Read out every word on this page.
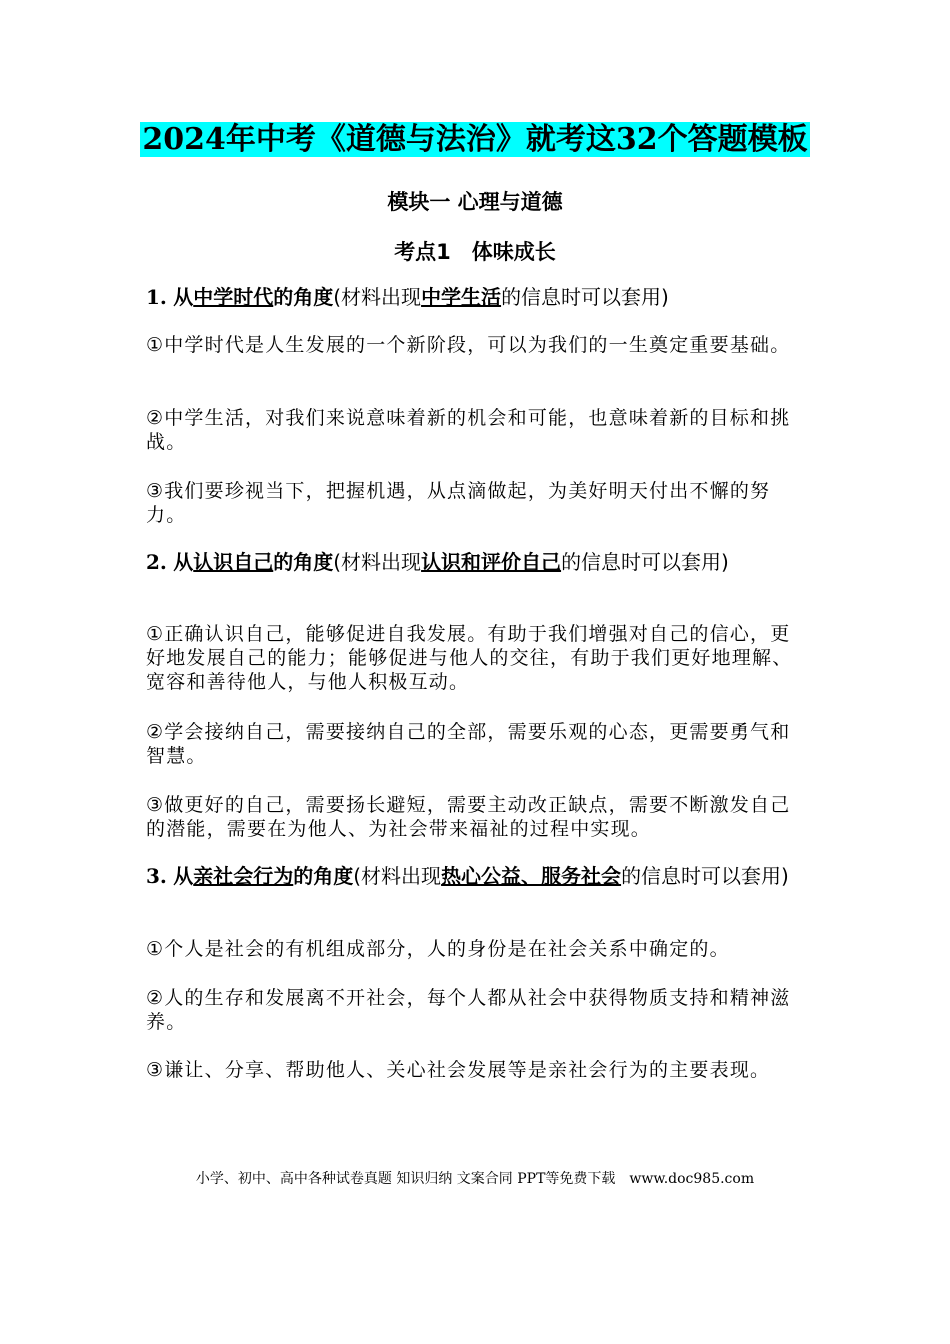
2024年中考《道德与法治》就考这32个答题模板
模块一 心理与道德
考点1　体味成长
1. 从中学时代的角度(材料出现中学生活的信息时可以套用)
①中学时代是人生发展的一个新阶段，可以为我们的一生奠定重要基础。
②中学生活，对我们来说意味着新的机会和可能，也意味着新的目标和挑战。
③我们要珍视当下，把握机遇，从点滴做起，为美好明天付出不懈的努力。
2. 从认识自己的角度(材料出现认识和评价自己的信息时可以套用)
①正确认识自己，能够促进自我发展。有助于我们增强对自己的信心，更好地发展自己的能力；能够促进与他人的交往，有助于我们更好地理解、宽容和善待他人，与他人积极互动。
②学会接纳自己，需要接纳自己的全部，需要乐观的心态，更需要勇气和智慧。
③做更好的自己，需要扬长避短，需要主动改正缺点，需要不断激发自己的潜能，需要在为他人、为社会带来福祉的过程中实现。
3. 从亲社会行为的角度(材料出现热心公益、服务社会的信息时可以套用)
①个人是社会的有机组成部分，人的身份是在社会关系中确定的。
②人的生存和发展离不开社会，每个人都从社会中获得物质支持和精神滋养。
③谦让、分享、帮助他人、关心社会发展等是亲社会行为的主要表现。
小学、初中、高中各种试卷真题 知识归纳 文案合同 PPT等免费下载　www.doc985.com
